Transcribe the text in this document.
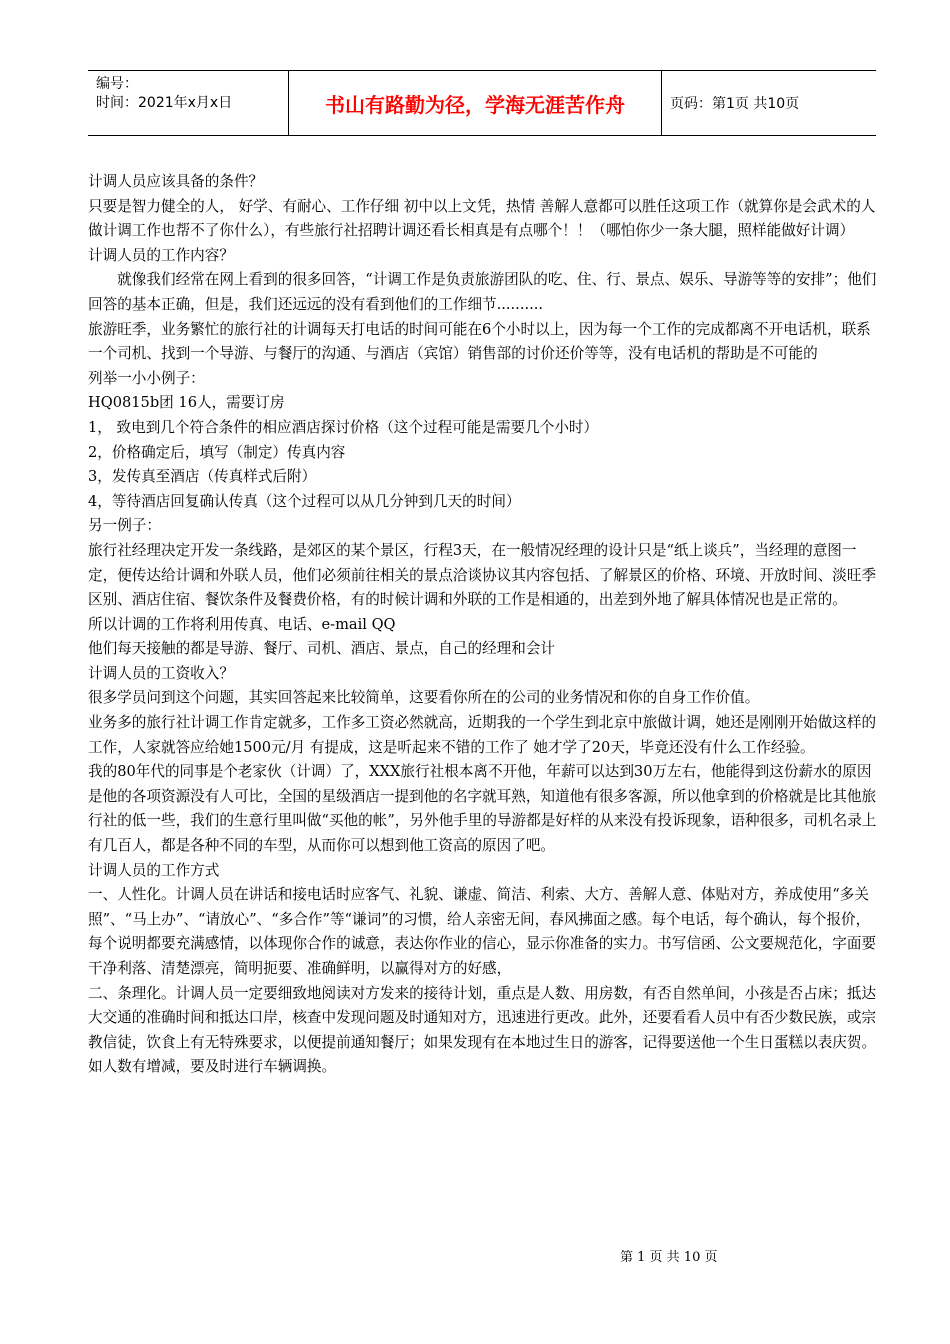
编号：
时间：2021年x月x日	书山有路勤为径，学海无涯苦作舟	页码：第1页 共10页

计调人员应该具备的条件？

只要是智力健全的人， 好学、有耐心、工作仔细 初中以上文凭，热情 善解人意都可以胜任这项工作（就算你是会武术的人做计调工作也帮不了你什么），有些旅行社招聘计调还看长相真是有点哪个！！（哪怕你少一条大腿，照样能做好计调）

计调人员的工作内容？

就像我们经常在网上看到的很多回答，“计调工作是负责旅游团队的吃、住、行、景点、娱乐、导游等等的安排”；他们回答的基本正确，但是，我们还远远的没有看到他们的工作细节..........

旅游旺季，业务繁忙的旅行社的计调每天打电话的时间可能在6个小时以上，因为每一个工作的完成都离不开电话机，联系一个司机、找到一个导游、与餐厅的沟通、与酒店（宾馆）销售部的讨价还价等等，没有电话机的帮助是不可能的

列举一小小例子：

HQ0815b团 16人，需要订房

1， 致电到几个符合条件的相应酒店探讨价格（这个过程可能是需要几个小时）

2，价格确定后，填写（制定）传真内容

3，发传真至酒店（传真样式后附）

4，等待酒店回复确认传真（这个过程可以从几分钟到几天的时间）

另一例子：

旅行社经理决定开发一条线路，是郊区的某个景区，行程3天，在一般情况经理的设计只是“纸上谈兵”，当经理的意图一定，便传达给计调和外联人员，他们必须前往相关的景点洽谈协议其内容包括、了解景区的价格、环境、开放时间、淡旺季区别、酒店住宿、餐饮条件及餐费价格，有的时候计调和外联的工作是相通的，出差到外地了解具体情况也是正常的。

所以计调的工作将利用传真、电话、e-mail QQ

他们每天接触的都是导游、餐厅、司机、酒店、景点，自己的经理和会计

计调人员的工资收入？

很多学员问到这个问题，其实回答起来比较简单，这要看你所在的公司的业务情况和你的自身工作价值。

业务多的旅行社计调工作肯定就多，工作多工资必然就高，近期我的一个学生到北京中旅做计调，她还是刚刚开始做这样的工作，人家就答应给她1500元/月 有提成，这是听起来不错的工作了 她才学了20天，毕竟还没有什么工作经验。

我的80年代的同事是个老家伙（计调）了，XXX旅行社根本离不开他，年薪可以达到30万左右，他能得到这份薪水的原因是他的各项资源没有人可比，全国的星级酒店一提到他的名字就耳熟，知道他有很多客源，所以他拿到的价格就是比其他旅行社的低一些，我们的生意行里叫做“买他的帐”，另外他手里的导游都是好样的从来没有投诉现象，语种很多，司机名录上有几百人，都是各种不同的车型，从而你可以想到他工资高的原因了吧。

计调人员的工作方式

一、人性化。计调人员在讲话和接电话时应客气、礼貌、谦虚、简洁、利索、大方、善解人意、体贴对方，养成使用“多关照”、“马上办”、“请放心”、“多合作”等“谦词”的习惯，给人亲密无间，春风拂面之感。每个电话，每个确认，每个报价，每个说明都要充满感情，以体现你合作的诚意，表达你作业的信心，显示你准备的实力。书写信函、公文要规范化，字面要干净利落、清楚漂亮，简明扼要、准确鲜明，以赢得对方的好感，

二、条理化。计调人员一定要细致地阅读对方发来的接待计划，重点是人数、用房数，有否自然单间，小孩是否占床；抵达大交通的准确时间和抵达口岸，核查中发现问题及时通知对方，迅速进行更改。此外，还要看看人员中有否少数民族，或宗教信徒，饮食上有无特殊要求，以便提前通知餐厅；如果发现有在本地过生日的游客，记得要送他一个生日蛋糕以表庆贺。如人数有增减，要及时进行车辆调换。

第 1 页 共 10 页
